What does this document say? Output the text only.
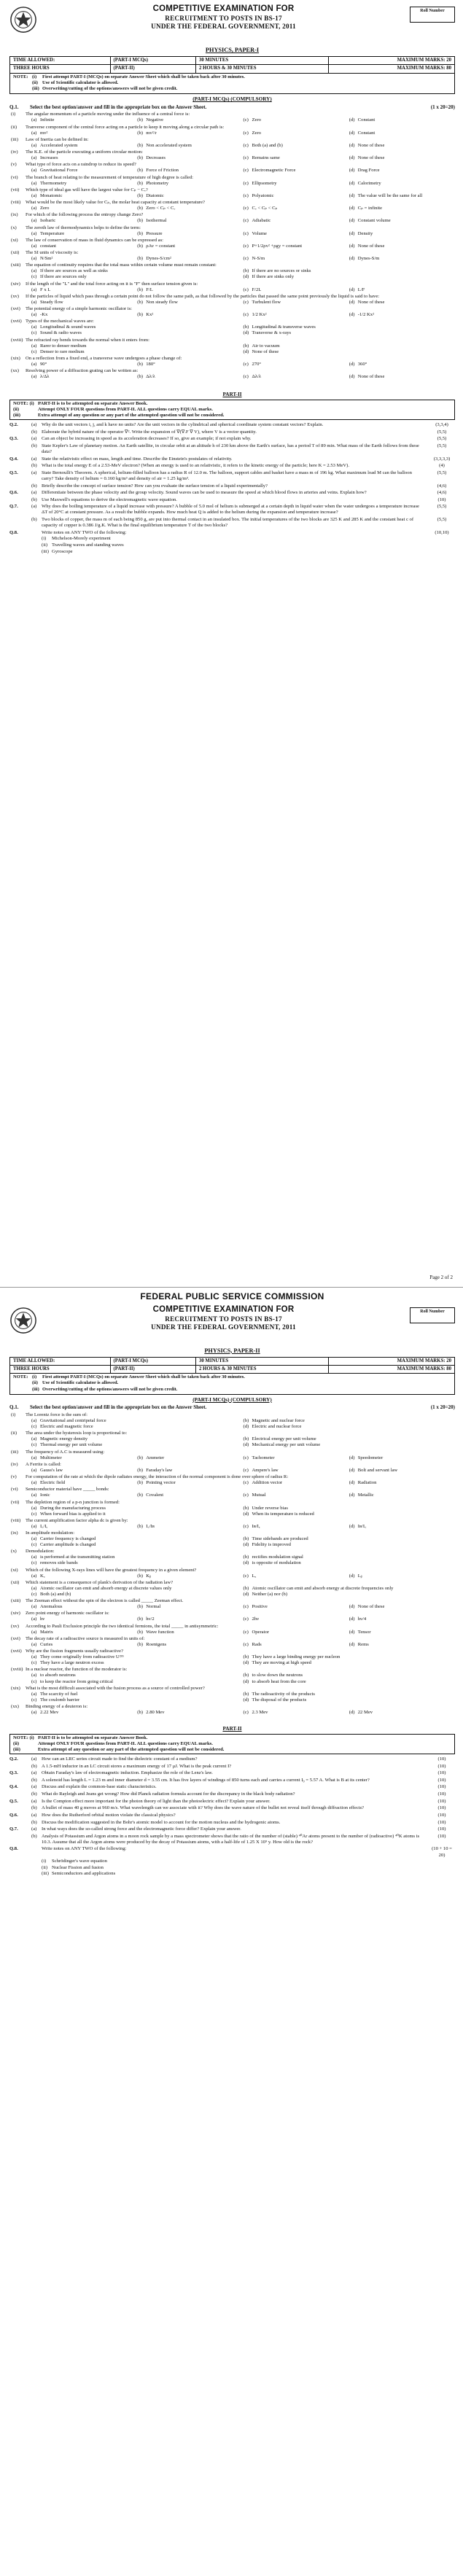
COMPETITIVE EXAMINATION FOR
RECRUITMENT TO POSTS IN BS-17
UNDER THE FEDERAL GOVERNMENT, 2011
Roll Number
PHYSICS, PAPER-I
TIME ALLOWED:	(PART-I MCQs)	30 MINUTES	MAXIMUM MARKS: 20
THREE HOURS	(PART-II)	2 HOURS & 30 MINUTES	MAXIMUM MARKS: 80
NOTE: (i)	First attempt PART-I (MCQs) on separate Answer Sheet which shall be taken back after 30 minutes.
(ii) Use of Scientific calculator is allowed.
(iii) Overwriting/cutting of the options/answers will not be given credit.
(PART-I MCQs) (COMPULSORY)
Q.1.	Select the best option/answer and fill in the appropriate box on the Answer Sheet.	(1 x 20=20)
(i)	The angular momentum of a particle moving under the influence of a central force is:
(a) Infinite	(b) Negative	(c) Zero	(d) Constant
(ii)	Tranverse component of the central force acting on a particle to keep it moving along a circular path is:
(a) mv²	(b) mv²/r	(c) Zero	(d) Constant
(iii)	Law of Inertia can be defined in:
(a) Accelerated system	(b) Non accelerated system	(c) Both (a) and (b)	(d) None of these
(iv)	The K.E. of the particle executing a uniform circular motion:
(a) Increases	(b) Decreases	(c) Remains same	(d) None of these
(v)	What type of force acts on a raindrop to reduce its speed?
(a) Gravitational Force	(b) Force of Friction	(c) Electromagnetic Force	(d) Drag Force
(vi)	The branch of heat relating to the measurement of temperature of high degree is called:
(a) Thermometry	(b) Photometry	(c) Ellipsometry	(d) Calorimetry
(vii)	Which type of ideal gas will have the largest value for Cₚ − Cᵥ?
(a) Monatomic	(b) Diatomic	(c) Polyatomic	(d) The value will be the same for all
(viii)	What would be the most likely value for Cₚ, the molar heat capacity at constant temperature?
(a) Zero	(b) Zero < Cₚ < Cᵥ	(c) Cᵥ < Cₚ < Cₚ	(d) Cₚ = infinite
(ix)	For which of the following process the entropy change Zero?
(a) Isobaric	(b) Isothermal	(c) Adiabatic	(d) Constant volume
(x)	The zeroth law of thermodynamics helps to define the term:
(a) Temperature	(b) Pressure	(c) Volume	(d) Density
(xi)	The law of conservation of mass in fluid dynamics can be expressed as:
(a) constant	(b) ρAv = constant	(c) P+1/2ρv² +ρgy = constant	(d) None of these
(xii)	The SI units of viscosity is:
(a) N/Sm²	(b) Dynes-S/cm²	(c) N-S/m	(d) Dynes-S/m
(xiii)	The equation of continuity requires that the total mass within certain volume must remain constant:
(a) If there are sources as well as sinks	(b) If there are no sources or sinks
(c) If there are sources only	(d) If there are sinks only
(xiv)	If the length of the "L" and the total force acting on it is "F" then surface tension given is:
(a) F x L	(b) F/L	(c) F/2L	(d) L/F
(xv)	If the particles of liquid which pass through a certain point do not follow the same path, as that followed by the particles that passed the same point previously the liquid is said to have:
(a) Steady flow	(b) Non steady flow	(c) Turbulent flow	(d) None of these
(xvi)	The potential energy of a simple harmonic oscillator is:
(a) -Kx	(b) Kx²	(c) 1/2 Kx²	(d) -1/2 Kx²
(xvii) Types of the mechanical waves are:
(a) Longitudinal & sound waves	(b) Longitudinal & transverse waves
(c) Sound & radio waves	(d) Transverse & x-rays
(xviii) The refracted ray bends towards the normal when it enters from:
(a) Rarer to denser medium	(b) Air to vacuum
(c) Denser to rare medium	(d) None of these
(xix)	On a reflection from a fixed end, a transverse wave undergoes a phase change of:
(a) 90°	(b) 180°	(c) 270°	(d) 360°
(xx)	Resolving power of a diffraction grating can be written as:
(a) λ/Δλ	(b) Δλ/λ	(c) Δλ/λ	(d) None of these
PART-II
NOTE: (i) PART-II is to be attempted on separate Answer Book.
(ii)	Attempt ONLY FOUR questions from PART-II. ALL questions carry EQUAL marks.
(iii)	Extra attempt of any question or any part of the attempted question will not be considered.
Q.2.	(a)	Why do the unit vectors i, j, and k have no units? Are the unit vectors in the cylindrical and spherical coordinate system constant vectors? Explain.	(3,3,4)
(b) Elaborate the hybrid nature of the operator ∇². Write the expansion of ∇(∇.F ∇ V), where V is a vector quantity.	(5,5)
Q.3.	(a)	Can an object be increasing in speed as its acceleration decreases? If so, give an example; if not explain why.	(5,5)
(b) State Kepler's Law of planetary motion. An Earth satellite, in circular orbit at an altitude h of 230 km above the Earth's surface, has a period T of 89 min. What mass of the Earth follows from these data?
(5,5)
Q.4.	(a)	State the relativistic effect on mass, length and time. Describe the Einstein's postulates of relativity.	(3,3,3,3)
(b) What is the total energy E of a 2.53-MeV electron? (When an energy is used to an relativistic, it refers to the kinetic energy of the particle; here K = 2.53 MeV).	(4)
Q.5.	(a)	State Bernoulli's Theorem. A spherical, helium-filled balloon has a radius R of 12.0 m. The balloon, support cables and basket have a mass m of 196 kg. What maximum load M can the balloon carry? Take density of helium = 0.160 kg/m³ and density of air = 1.25 kg/m³.
(5,5)
(b) Briefly describe the concept of surface tension? How can you evaluate the surface tension of a liquid experimentally?	(4,6)
Q.6.	(a)	Differentiate between the phase velocity and the group velocity. Sound waves can be used to measure the speed at which blood flows in arteries and veins. Explain how?	(4,6)
(b) Use Maxwell's equations to derive the electromagnetic wave equation.	(10)
Q.7.	(a)	Why does the boiling temperature of a liquid increase with pressure? A bubble of 5.0 mol of helium is submerged at a certain depth in liquid water when the water undergoes a temperature increase ΔT of 20°C at constant pressure. As a result the bubble expands. How much heat Q is added to the helium during the expansion and temperature increase?
(5,5)
(b) Two blocks of copper, the mass m of each being 850 g, are put into thermal contact in an insulated box. The initial temperatures of the two blocks are 325 K and 285 K and the constant heat c of capacity of copper is 0.386 J/g.K. What is the final equilibrium temperature T of the two blocks?
(5,5)
Q.8.	Write notes on ANY TWO of the following:	(10,10)
(i)	Michelson-Morely experiment
(ii) Travelling waves and standing waves
(iii) Gyroscope
Page 2 of 2
FEDERAL PUBLIC SERVICE COMMISSION
COMPETITIVE EXAMINATION FOR
RECRUITMENT TO POSTS IN BS-17
UNDER THE FEDERAL GOVERNMENT, 2011
Roll Number
PHYSICS, PAPER-II
TIME ALLOWED:	(PART-I MCQs)	30 MINUTES	MAXIMUM MARKS: 20
THREE HOURS	(PART-II)	2 HOURS & 30 MINUTES	MAXIMUM MARKS: 80
NOTE: (i)	First attempt PART-I (MCQs) on separate Answer Sheet which shall be taken back after 30 minutes.
(ii) Use of Scientific calculator is allowed.
(iii) Overwriting/cutting of the options/answers will not be given credit.
(PART-I MCQs) (COMPULSORY)
Q.1.	Select the best option/answer and fill in the appropriate box on the Answer Sheet.	(1 x 20=20)
(i)	The Lorentz force is the sum of:
(a) Gravitational and centripetal force	(b) Magnetic and nuclear force
(c) Electric and magnetic force	(d) Electric and nuclear force
(ii)	The area under the hysteresis loop is proportional to:
(a) Magnetic energy density	(b) Electrical energy per unit volume
(c) Thermal energy per unit volume	(d) Mechanical energy per unit volume
(iii)	The frequency of A.C is measured using:
(a) Multimeter	(b) Ammeter	(c) Tachometer	(d) Speedometer
(iv)	A Ferrite is called:
(a) Gauss's law	(b) Faraday's law	(c) Ampere's law	(d) Bolt and servant law
(v)	For computation of the rate at which the dipole radiates energy, the interaction of the normal component is done over sphere of radius R:
(a) Electric field	(b) Pointing vector	(c) Addition vector	(d) Radiation
(vi)	Semiconductor material have _____ bonds:
(a) Ionic	(b) Covalent	(c) Mutual	(d) Metallic
(vii)	The depletion region of a p-n junction is formed:
(a) During the manufacturing process	(b) Under reverse bias
(c) When forward bias is applied to it	(d) When its temperature is reduced
(viii)	The current amplification factor alpha dc is given by:
(a) I꜀/Iₑ	(b) I꜀/Iʙ	(c) Iʙ/Iₑ	(d) Iʙ/I꜀
(ix)	In amplitude modulation:
(a) Carrier frequency is changed	(b) Time sidebands are produced
(c) Carrier amplitude is changed	(d) Fidelity is improved
(x)	Demodulation:
(a) is performed at the transmitting station	(b) rectifies modulation signal
(c) removes side bands	(d) is opposite of modulation
(xi)	Which of the following X-rays lines will have the greatest frequency in a given element?
(a) Kₐ	(b) Kᵦ	(c) Lₐ	(d) Lᵦ
(xii)	Which statement is a consequence of plank's derivation of the radiation law?
(a) Atomic oscillator can emit and absorb energy at discrete values only	(b) Atomic oscillator can emit and absorb energy at discrete frequencies only
(c) Both (a) and (b)	(d) Neither (a) nor (b)
(xiii)	The Zeeman effect without the spin of the electron is called _____ Zeeman effect.
(a) Anomalous	(b) Normal	(c) Positive	(d) None of these
(xiv)	Zero point energy of harmonic oscillator is:
(a) hν	(b) hν/2	(c) 2hν	(d) hν/4
(xv)	According to Pauli Exclusion principle the two identical fermions, the total _____ in antisymmetric:
(a) Matrix	(b) Wave function	(c) Operator	(d) Tensor
(xvi)	The decay rate of a radioactive source is measured in units of:
(a) Curies	(b) Roentgens	(c) Rads	(d) Rems
(xvii) Why are the fission fragments usually radioactive?
(a) They come originally from radioactive U²³⁵	(b) They have a large binding energy per nucleon
(c) They have a large neutron excess	(d) They are moving at high speed
(xviii) In a nuclear reactor, the function of the moderator is:
(a) to absorb neutrons	(b) to slow down the neutrons
(c) to keep the reactor from going critical	(d) to absorb heat from the core
(xix)	What is the most difficult associated with the fusion process as a source of controlled power?
(a) The scarcity of fuel	(b) The radioactivity of the products
(c) The coulomb barrier	(d) The disposal of the products
(xx)	Binding energy of a deuteron is:
(a) 2.22 Mev	(b) 2.80 Mev	(c) 2.3 Mev	(d) 22 Mev
PART-II
NOTE: (i) PART-II is to be attempted on separate Answer Book.
(ii)	Attempt ONLY FOUR questions from PART-II. ALL questions carry EQUAL marks.
(iii)	Extra attempt of any question or any part of the attempted question will not be considered.
Q.2.	(a)	How can an LRC series circuit made to find the dielectric constant of a medium?	(10)
(b) A 1.5-mH inductor in an LC circuit stores a maximum energy of 17 μJ. What is the peak current I?	(10)
Q.3.	(a)	Obtain Faraday's law of electromagnetic induction. Emphasize the role of the Lenz's law.	(10)
(b) A solenoid has length L = 1.23 m and inner diameter d = 3.55 cm. It has five layers of windings of 850 turns each and carries a current I₀ = 5.57 A. What is B at its center?	(10)
Q.4.	(a)	Discuss and explain the common-base static characteristics.	(10)
(b) What do Rayleigh and Jeans get wrong? How did Planck radiation formula account for the discrepancy in the black body radiation?	(10)
Q.5.	(a)	Is the Compton effect more important for the photon theory of light than the photoelectric effect? Explain your answer.	(10)
(b) A bullet of mass 40 g moves at 960 m/s. What wavelength can we associate with it? Why does the wave nature of the bullet not reveal itself through diffraction effects?	(10)
Q.6.	(a)	How does the Rutherford orbital motion violate the classical physics?	(10)
(b) Discuss the modification suggested in the Bohr's atomic model to account for the motion nucleus and the hydrogenic atoms.	(10)
Q.7.	(a)	In what ways does the so-called strong force and the electromagnetic force differ? Explain your answer.	(10)
(b) Analysis of Potassium and Argon atoms in a moon rock sample by a mass spectrometer shows that the ratio of the number of (stable) ⁴⁰Ar atoms present to the number of (radioactive) ⁴⁰K atoms is 10.3. Assume that all the Argon atoms were produced by the decay of Potassium atoms, with a half-life of 1.25 X 10⁹ y. How old is the rock?
(10)
Q.8.	Write notes on ANY TWO of the following:	(10 + 10 = 20)
(i)	Schrödinger's wave equation
(ii) Nuclear Fission and fusion
(iii) Semiconductors and applications
